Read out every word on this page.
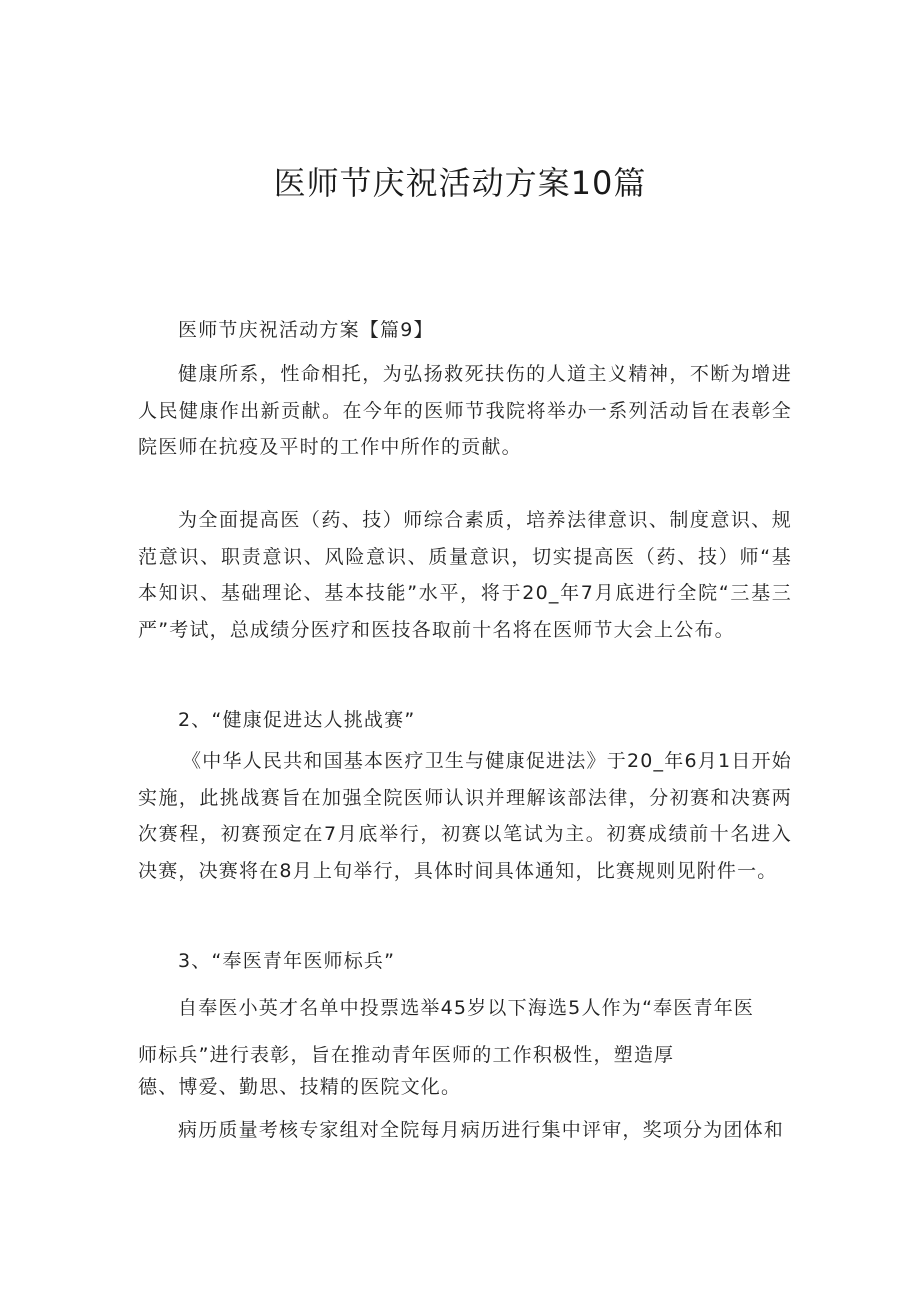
医师节庆祝活动方案10篇
医师节庆祝活动方案【篇9】
健康所系，性命相托，为弘扬救死扶伤的人道主义精神，不断为增进人民健康作出新贡献。在今年的医师节我院将举办一系列活动旨在表彰全院医师在抗疫及平时的工作中所作的贡献。
为全面提高医（药、技）师综合素质，培养法律意识、制度意识、规范意识、职责意识、风险意识、质量意识，切实提高医（药、技）师“基本知识、基础理论、基本技能”水平，将于20_年7月底进行全院“三基三严”考试，总成绩分医疗和医技各取前十名将在医师节大会上公布。
2、“健康促进达人挑战赛”
《中华人民共和国基本医疗卫生与健康促进法》于20_年6月1日开始实施，此挑战赛旨在加强全院医师认识并理解该部法律，分初赛和决赛两次赛程，初赛预定在7月底举行，初赛以笔试为主。初赛成绩前十名进入决赛，决赛将在8月上旬举行，具体时间具体通知，比赛规则见附件一。
3、“奉医青年医师标兵”
自奉医小英才名单中投票选举45岁以下海选5人作为“奉医青年医
师标兵”进行表彰，旨在推动青年医师的工作积极性，塑造厚
德、博爱、勤思、技精的医院文化。
病历质量考核专家组对全院每月病历进行集中评审，奖项分为团体和
